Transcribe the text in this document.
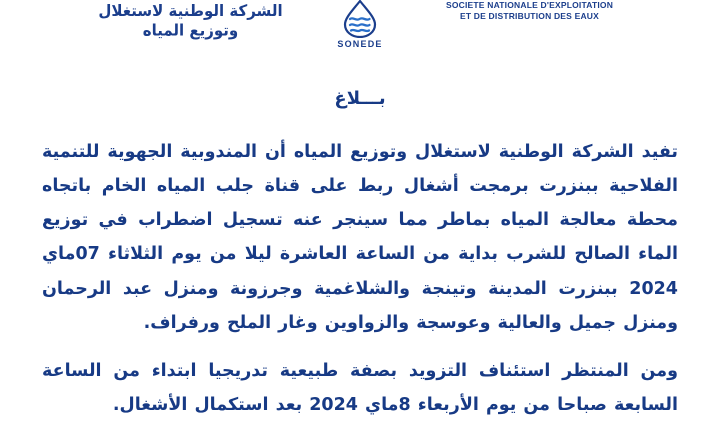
الشركة الوطنية لاستغلال وتوزيع المياه
SONEDE
SOCIETE NATIONALE D'EXPLOITATION
ET DE DISTRIBUTION DES EAUX
بـــلاغ

تفيد الشركة الوطنية لاستغلال وتوزيع المياه أن المندوبية الجهوية للتنمية الفلاحية ببنزرت برمجت أشغال ربط على قناة جلب المياه الخام باتجاه محطة معالجة المياه بماطر مما سينجر عنه تسجيل اضطراب في توزيع الماء الصالح للشرب بداية من الساعة العاشرة ليلا من يوم الثلاثاء 07ماي 2024 ببنزرت المدينة وتينجة والشلاغمية وجرزونة ومنزل عبد الرحمان ومنزل جميل والعالية وعوسجة والزواوين وغار الملح ورفراف.

ومن المنتظر استئناف التزويد بصفة طبيعية تدريجيا ابتداء من الساعة السابعة صباحا من يوم الأربعاء 8ماي 2024 بعد استكمال الأشغال.
